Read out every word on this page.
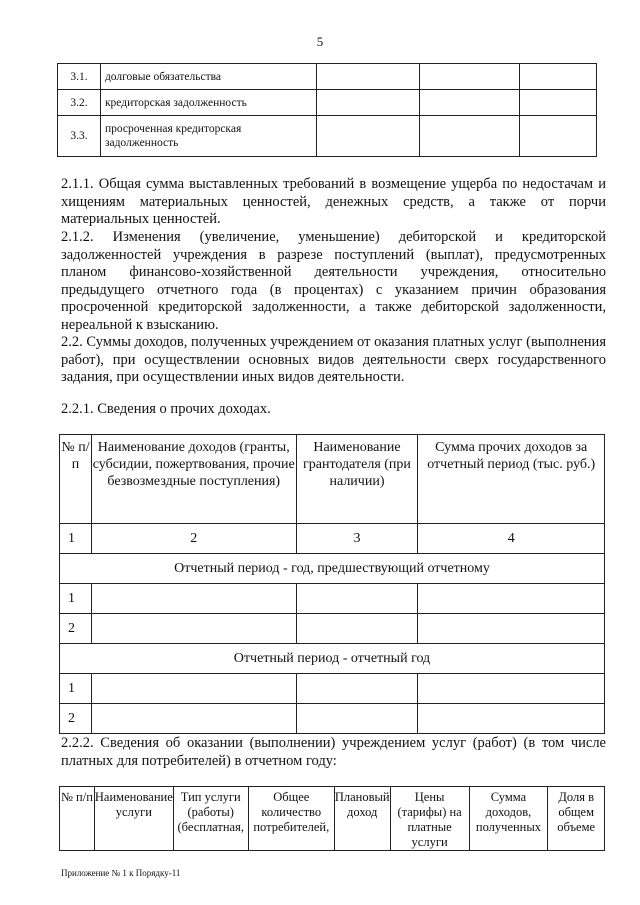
5
3.1.	долговые обязательства			
3.2.	кредиторская задолженность			
3.3.	просроченная кредиторская задолженность			
2.1.1. Общая сумма выставленных требований в возмещение ущерба по недостачам и хищениям материальных ценностей, денежных средств, а также от порчи материальных ценностей.
2.1.2. Изменения (увеличение, уменьшение) дебиторской и кредиторской задолженностей учреждения в разрезе поступлений (выплат), предусмотренных планом финансово-хозяйственной деятельности учреждения, относительно предыдущего отчетного года (в процентах) с указанием причин образования просроченной кредиторской задолженности, а также дебиторской задолженности, нереальной к взысканию.
2.2. Суммы доходов, полученных учреждением от оказания платных услуг (выполнения работ), при осуществлении основных видов деятельности сверх государственного задания, при осуществлении иных видов деятельности.
2.2.1. Сведения о прочих доходах.
№ п/п	Наименование доходов (гранты, субсидии, пожертвования, прочие безвозмездные поступления)	Наименование грантодателя (при наличии)	Сумма прочих доходов за отчетный период (тыс. руб.)
1	2	3	4
Отчетный период - год, предшествующий отчетному			
1			
2			
Отчетный период - отчетный год			
1			
2			
2.2.2. Сведения об оказании (выполнении) учреждением услуг (работ) (в том числе платных для потребителей) в отчетном году:
№ п/п	Наименование услуги	Тип услуги (работы) (бесплатная,	Общее количество потребителей,	Плановый доход	Цены (тарифы) на платные услуги	Сумма доходов, полученных	Доля в общем объеме
Приложение № 1 к Порядку-11
